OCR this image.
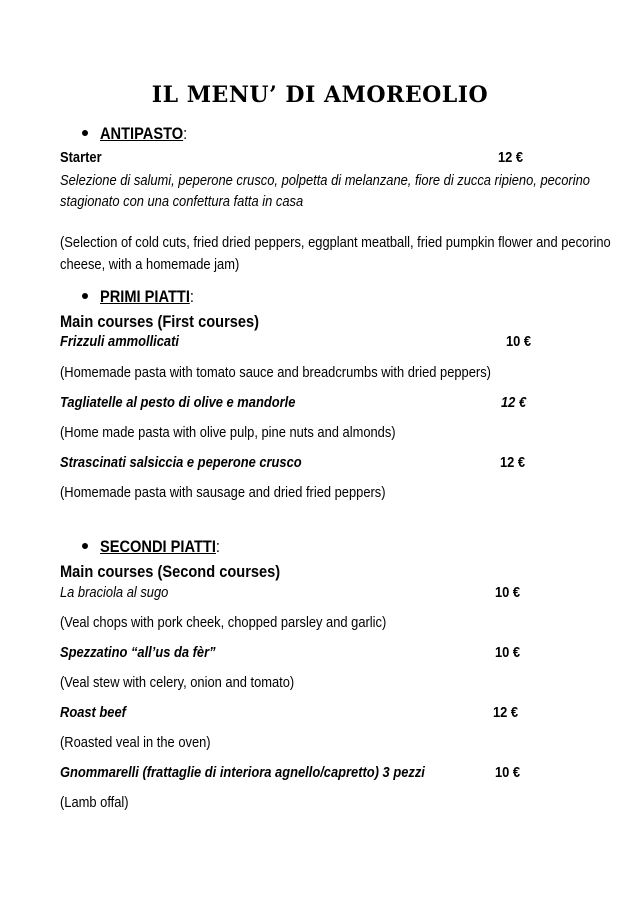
IL MENU’ DI AMOREOLIO
ANTIPASTO:
Starter	12 €
Selezione di salumi, peperone crusco, polpetta di melanzane, fiore di zucca ripieno, pecorino stagionato con una confettura fatta in casa
(Selection of cold cuts, fried dried peppers, eggplant meatball, fried pumpkin flower and pecorino cheese, with a homemade jam)
PRIMI PIATTI:
Main courses (First courses)
Frizzuli ammollicati	10 €
(Homemade pasta with tomato sauce and breadcrumbs with dried peppers)
Tagliatelle al pesto di olive e mandorle	12 €
(Home made pasta with olive pulp, pine nuts and almonds)
Strascinati salsiccia e peperone crusco	12 €
(Homemade pasta with sausage and dried fried peppers)
SECONDI PIATTI:
Main courses (Second courses)
La braciola al sugo	10 €
(Veal chops with pork cheek, chopped parsley and garlic)
Spezzatino “all’us da fèr”	10 €
(Veal stew with celery, onion and tomato)
Roast beef	12 €
(Roasted veal in the oven)
Gnommarelli (frattaglie di interiora agnello/capretto) 3 pezzi	10 €
(Lamb offal)
